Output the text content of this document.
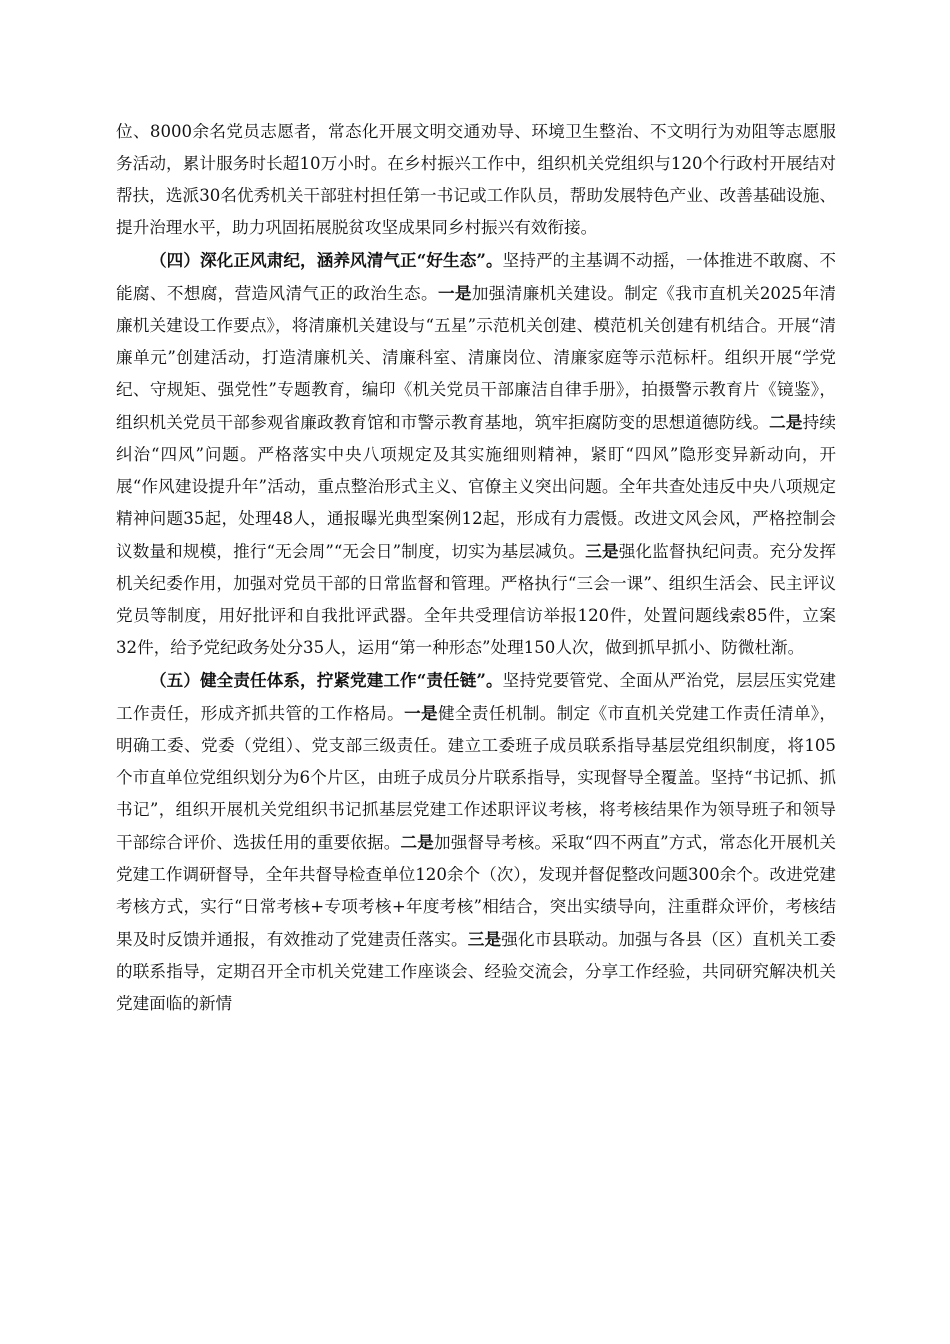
位、8000余名党员志愿者，常态化开展文明交通劝导、环境卫生整治、不文明行为劝阻等志愿服务活动，累计服务时长超10万小时。在乡村振兴工作中，组织机关党组织与120个行政村开展结对帮扶，选派30名优秀机关干部驻村担任第一书记或工作队员，帮助发展特色产业、改善基础设施、提升治理水平，助力巩固拓展脱贫攻坚成果同乡村振兴有效衔接。

（四）深化正风肃纪，涵养风清气正“好生态”。坚持严的主基调不动摇，一体推进不敢腐、不能腐、不想腐，营造风清气正的政治生态。一是加强清廉机关建设。制定《我市直机关2025年清廉机关建设工作要点》，将清廉机关建设与“五星”示范机关创建、模范机关创建有机结合。开展“清廉单元”创建活动，打造清廉机关、清廉科室、清廉岗位、清廉家庭等示范标杆。组织开展“学党纪、守规矩、强党性”专题教育，编印《机关党员干部廉洁自律手册》，拍摄警示教育片《镜鉴》，组织机关党员干部参观省廉政教育馆和市警示教育基地，筑牢拒腐防变的思想道德防线。二是持续纠治“四风”问题。严格落实中央八项规定及其实施细则精神，紧盯“四风”隐形变异新动向，开展“作风建设提升年”活动，重点整治形式主义、官僚主义突出问题。全年共查处违反中央八项规定精神问题35起，处理48人，通报曝光典型案例12起，形成有力震慑。改进文风会风，严格控制会议数量和规模，推行“无会周”“无会日”制度，切实为基层减负。三是强化监督执纪问责。充分发挥机关纪委作用，加强对党员干部的日常监督和管理。严格执行“三会一课”、组织生活会、民主评议党员等制度，用好批评和自我批评武器。全年共受理信访举报120件，处置问题线索85件，立案32件，给予党纪政务处分35人，运用“第一种形态”处理150人次，做到抓早抓小、防微杜渐。

（五）健全责任体系，拧紧党建工作“责任链”。坚持党要管党、全面从严治党，层层压实党建工作责任，形成齐抓共管的工作格局。一是健全责任机制。制定《市直机关党建工作责任清单》，明确工委、党委（党组）、党支部三级责任。建立工委班子成员联系指导基层党组织制度，将105个市直单位党组织划分为6个片区，由班子成员分片联系指导，实现督导全覆盖。坚持“书记抓、抓书记”，组织开展机关党组织书记抓基层党建工作述职评议考核，将考核结果作为领导班子和领导干部综合评价、选拔任用的重要依据。二是加强督导考核。采取“四不两直”方式，常态化开展机关党建工作调研督导，全年共督导检查单位120余个（次），发现并督促整改问题300余个。改进党建考核方式，实行“日常考核+专项考核+年度考核”相结合，突出实绩导向，注重群众评价，考核结果及时反馈并通报，有效推动了党建责任落实。三是强化市县联动。加强与各县（区）直机关工委的联系指导，定期召开全市机关党建工作座谈会、经验交流会，分享工作经验，共同研究解决机关党建面临的新情
